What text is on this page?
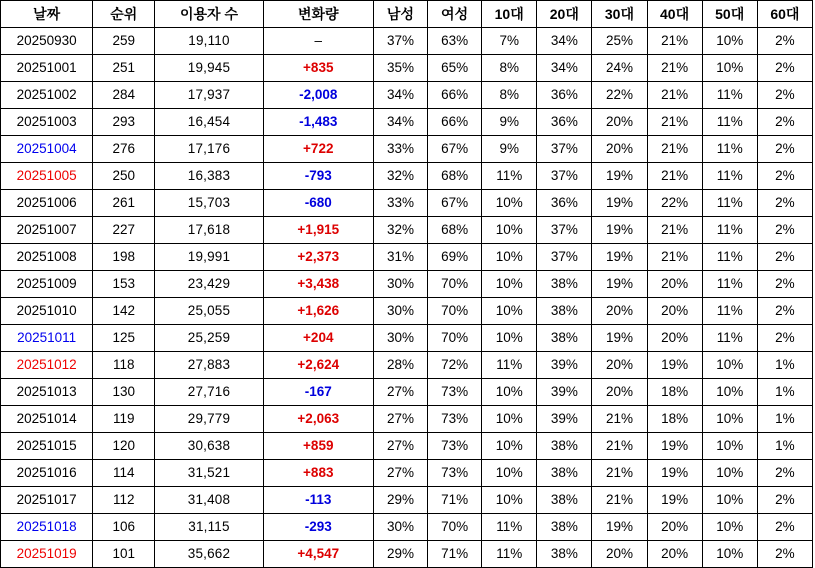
날짜	순위	이용자 수	변화량	남성	여성	10대	20대	30대	40대	50대	60대
20250930	259	19,110	–	37%	63%	7%	34%	25%	21%	10%	2%
20251001	251	19,945	+835	35%	65%	8%	34%	24%	21%	10%	2%
20251002	284	17,937	-2,008	34%	66%	8%	36%	22%	21%	11%	2%
20251003	293	16,454	-1,483	34%	66%	9%	36%	20%	21%	11%	2%
20251004	276	17,176	+722	33%	67%	9%	37%	20%	21%	11%	2%
20251005	250	16,383	-793	32%	68%	11%	37%	19%	21%	11%	2%
20251006	261	15,703	-680	33%	67%	10%	36%	19%	22%	11%	2%
20251007	227	17,618	+1,915	32%	68%	10%	37%	19%	21%	11%	2%
20251008	198	19,991	+2,373	31%	69%	10%	37%	19%	21%	11%	2%
20251009	153	23,429	+3,438	30%	70%	10%	38%	19%	20%	11%	2%
20251010	142	25,055	+1,626	30%	70%	10%	38%	20%	20%	11%	2%
20251011	125	25,259	+204	30%	70%	10%	38%	19%	20%	11%	2%
20251012	118	27,883	+2,624	28%	72%	11%	39%	20%	19%	10%	1%
20251013	130	27,716	-167	27%	73%	10%	39%	20%	18%	10%	1%
20251014	119	29,779	+2,063	27%	73%	10%	39%	21%	18%	10%	1%
20251015	120	30,638	+859	27%	73%	10%	38%	21%	19%	10%	1%
20251016	114	31,521	+883	27%	73%	10%	38%	21%	19%	10%	2%
20251017	112	31,408	-113	29%	71%	10%	38%	21%	19%	10%	2%
20251018	106	31,115	-293	30%	70%	11%	38%	19%	20%	10%	2%
20251019	101	35,662	+4,547	29%	71%	11%	38%	20%	20%	10%	2%
